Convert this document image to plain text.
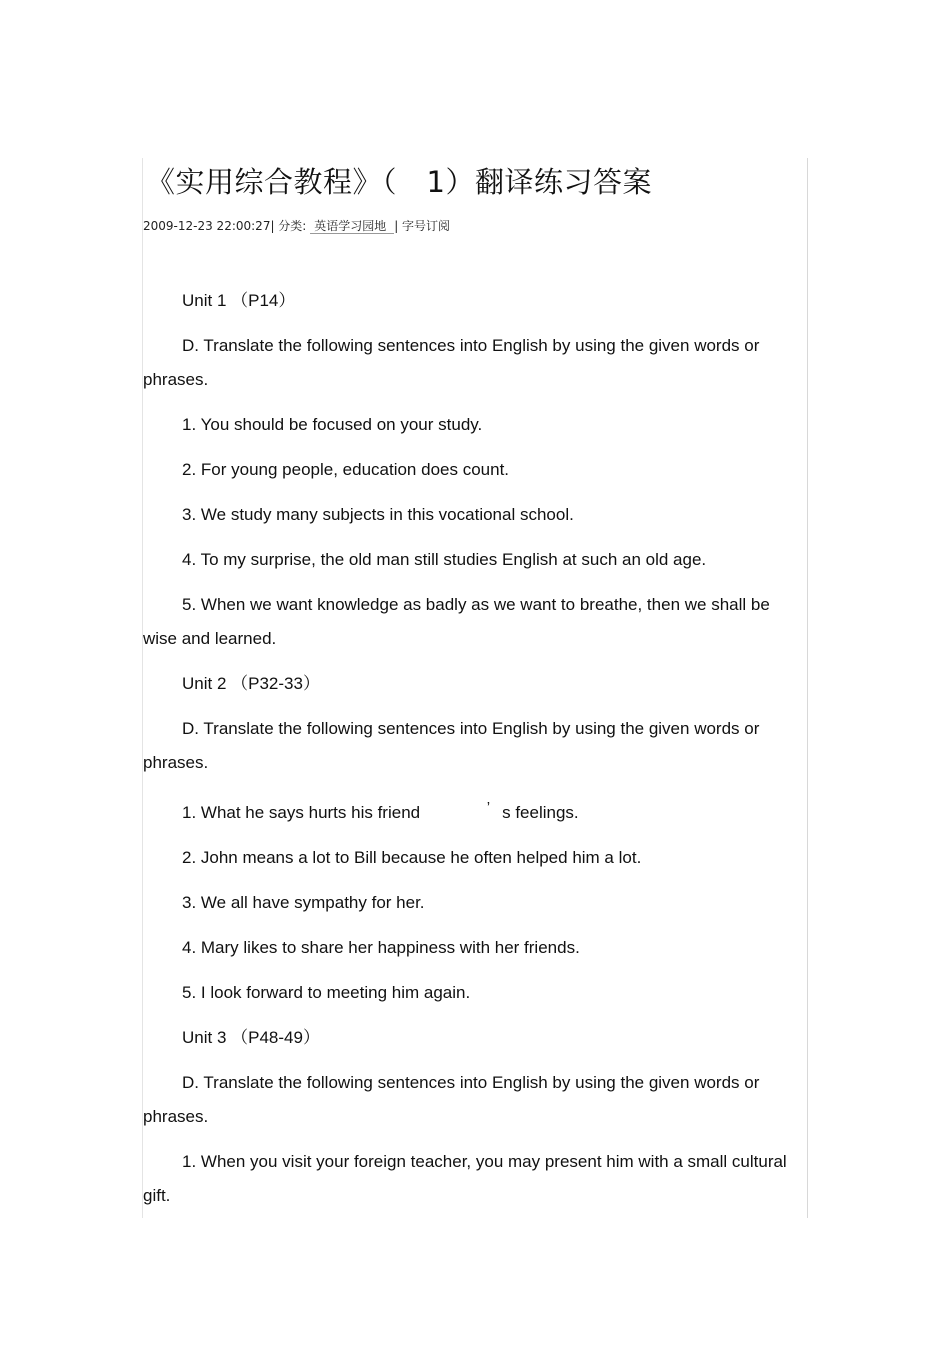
《实用综合教程》（　1）翻译练习答案
2009-12-23 22:00:27| 分类: 英语学习园地 | 字号订阅

Unit 1 （P14）

D. Translate the following sentences into English by using the given words or phrases.

1. You should be focused on your study.

2. For young people, education does count.

3. We study many subjects in this vocational school.

4. To my surprise, the old man still studies English at such an old age.

5. When we want knowledge as badly as we want to breathe, then we shall be wise and learned.

Unit 2 （P32-33）

D. Translate the following sentences into English by using the given words or phrases.

1. What he says hurts his friend	’ s feelings.

2. John means a lot to Bill because he often helped him a lot.

3. We all have sympathy for her.

4. Mary likes to share her happiness with her friends.

5. I look forward to meeting him again.

Unit 3 （P48-49）

D. Translate the following sentences into English by using the given words or phrases.

1. When you visit your foreign teacher, you may present him with a small cultural gift.
